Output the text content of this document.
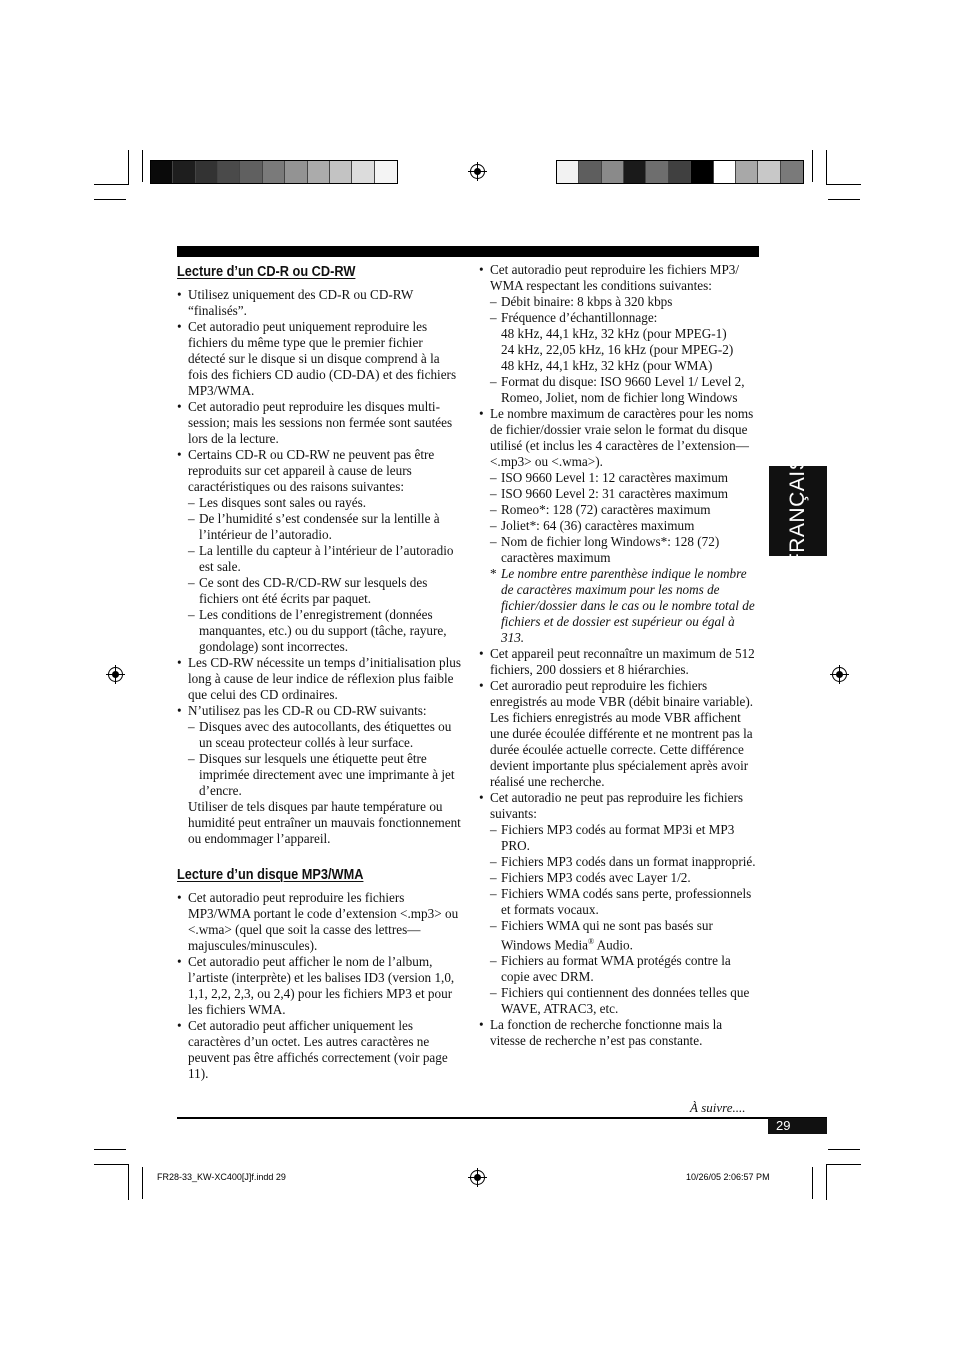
FRANÇAIS
Lecture d’un CD-R ou CD-RW
• Utilisez uniquement des CD-R ou CD-RW “finalisés”.
• Cet autoradio peut uniquement reproduire les fichiers du même type que le premier fichier détecté sur le disque si un disque comprend à la fois des fichiers CD audio (CD-DA) et des fichiers MP3/WMA.
• Cet autoradio peut reproduire les disques multi-session; mais les sessions non fermée sont sautées lors de la lecture.
• Certains CD-R ou CD-RW ne peuvent pas être reproduits sur cet appareil à cause de leurs caractéristiques ou des raisons suivantes:
– Les disques sont sales ou rayés.
– De l’humidité s’est condensée sur la lentille à l’intérieur de l’autoradio.
– La lentille du capteur à l’intérieur de l’autoradio est sale.
– Ce sont des CD-R/CD-RW sur lesquels des fichiers ont été écrits par paquet.
– Les conditions de l’enregistrement (données manquantes, etc.) ou du support (tâche, rayure, gondolage) sont incorrectes.
• Les CD-RW nécessite un temps d’initialisation plus long à cause de leur indice de réflexion plus faible que celui des CD ordinaires.
• N’utilisez pas les CD-R ou CD-RW suivants:
– Disques avec des autocollants, des étiquettes ou un sceau protecteur collés à leur surface.
– Disques sur lesquels une étiquette peut être imprimée directement avec une imprimante à jet d’encre.
Utiliser de tels disques par haute température ou humidité peut entraîner un mauvais fonctionnement ou endommager l’appareil.
Lecture d’un disque MP3/WMA
• Cet autoradio peut reproduire les fichiers MP3/WMA portant le code d’extension <.mp3> ou <.wma> (quel que soit la casse des lettres—majuscules/minuscules).
• Cet autoradio peut afficher le nom de l’album, l’artiste (interprète) et les balises ID3 (version 1,0, 1,1, 2,2, 2,3, ou 2,4) pour les fichiers MP3 et pour les fichiers WMA.
• Cet autoradio peut afficher uniquement les caractères d’un octet. Les autres caractères ne peuvent pas être affichés correctement (voir page 11).
• Cet autoradio peut reproduire les fichiers MP3/ WMA respectant les conditions suivantes:
– Débit binaire: 8 kbps à 320 kbps
– Fréquence d’échantillonnage:
48 kHz, 44,1 kHz, 32 kHz (pour MPEG-1)
24 kHz, 22,05 kHz, 16 kHz (pour MPEG-2)
48 kHz, 44,1 kHz, 32 kHz (pour WMA)
– Format du disque: ISO 9660 Level 1/ Level 2, Romeo, Joliet, nom de fichier long Windows
• Le nombre maximum de caractères pour les noms de fichier/dossier vraie selon le format du disque utilisé (et inclus les 4 caractères de l’extension—<.mp3> ou <.wma>).
– ISO 9660 Level 1: 12 caractères maximum
– ISO 9660 Level 2: 31 caractères maximum
– Romeo*: 128 (72) caractères maximum
– Joliet*: 64 (36) caractères maximum
– Nom de fichier long Windows*: 128 (72) caractères maximum
* Le nombre entre parenthèse indique le nombre de caractères maximum pour les noms de fichier/dossier dans le cas ou le nombre total de fichiers et de dossier est supérieur ou égal à 313.
• Cet appareil peut reconnaître un maximum de 512 fichiers, 200 dossiers et 8 hiérarchies.
• Cet auroradio peut reproduire les fichiers enregistrés au mode VBR (débit binaire variable).
Les fichiers enregistrés au mode VBR affichent une durée écoulée différente et ne montrent pas la durée écoulée actuelle correcte. Cette différence devient importante plus spécialement après avoir réalisé une recherche.
• Cet autoradio ne peut pas reproduire les fichiers suivants:
– Fichiers MP3 codés au format MP3i et MP3 PRO.
– Fichiers MP3 codés dans un format inapproprié.
– Fichiers MP3 codés avec Layer 1/2.
– Fichiers WMA codés sans perte, professionnels et formats vocaux.
– Fichiers WMA qui ne sont pas basés sur Windows Media® Audio.
– Fichiers au format WMA protégés contre la copie avec DRM.
– Fichiers qui contiennent des données telles que WAVE, ATRAC3, etc.
• La fonction de recherche fonctionne mais la vitesse de recherche n’est pas constante.
À suivre....
29
FR28-33_KW-XC400[J]f.indd 29	10/26/05 2:06:57 PM
